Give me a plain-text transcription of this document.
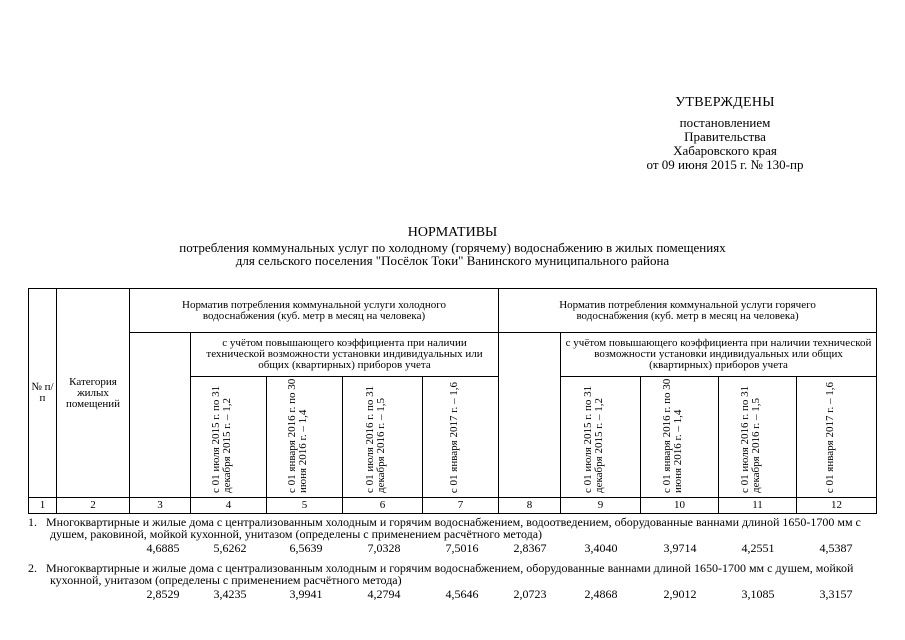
УТВЕРЖДЕНЫ
постановлением
Правительства
Хабаровского края
от 09 июня 2015 г. № 130-пр
НОРМАТИВЫ
потребления коммунальных услуг по холодному (горячему) водоснабжению в жилых помещениях
для сельского поселения "Посёлок Токи" Ванинского муниципального района
№ п/п	Категория жилых помещений	Норматив потребления коммунальной услуги холодного водоснабжения (куб. метр в месяц на человека)					Норматив потребления коммунальной услуги горячего водоснабжения (куб. метр в месяц на человека)				
			с учётом повышающего коэффициента при наличии технической возможности установки индивидуальных или общих (квартирных) приборов учета					с учётом повышающего коэффициента при наличии технической возможности установки индивидуальных или общих (квартирных) приборов учета			

			с 01 июля 2015 г. по 31 декабря 2015 г. – 1,2	с 01 января 2016 г. по 30 июня 2016 г. – 1,4	с 01 июля 2016 г. по 31 декабря 2016 г. – 1,5	с 01 января 2017 г. – 1,6		с 01 июля 2015 г. по 31 декабря 2015 г. – 1,2	с 01 января 2016 г. по 30 июня 2016 г. – 1,4	с 01 июля 2016 г. по 31 декабря 2016 г. – 1,5	с 01 января 2017 г. – 1,6

1	2	3	4	5	6	7	8	9	10	11	12
1. Многоквартирные и жилые дома с централизованным холодным и горячим водоснабжением, водоотведением, оборудованные ваннами длиной 1650-1700 мм с душем, раковиной, мойкой кухонной, унитазом (определены с применением расчётного метода)
4,6885	5,6262	6,5639	7,0328	7,5016	2,8367	3,4040	3,9714	4,2551	4,5387
2. Многоквартирные и жилые дома с централизованным холодным и горячим водоснабжением, оборудованные ваннами длиной 1650-1700 мм с душем, мойкой кухонной, унитазом (определены с применением расчётного метода)
2,8529	3,4235	3,9941	4,2794	4,5646	2,0723	2,4868	2,9012	3,1085	3,3157
